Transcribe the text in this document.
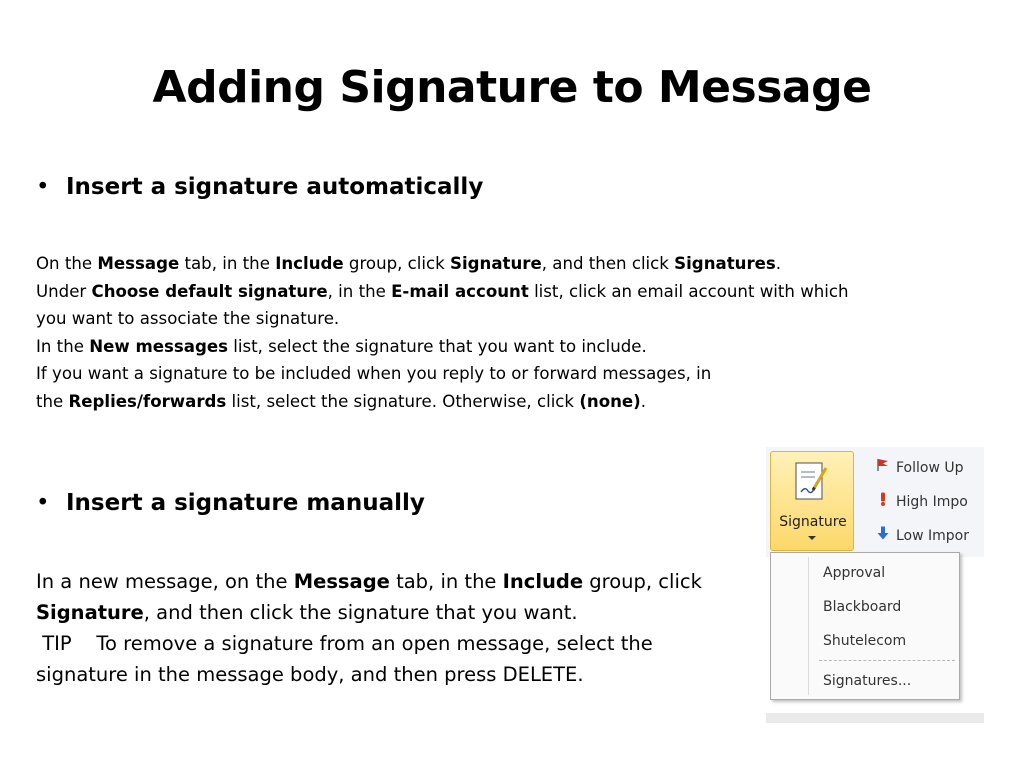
Adding Signature to Message
• Insert a signature automatically
On the Message tab, in the Include group, click Signature, and then click Signatures.
Under Choose default signature, in the E-mail account list, click an email account with which
you want to associate the signature.
In the New messages list, select the signature that you want to include.
If you want a signature to be included when you reply to or forward messages, in
the Replies/forwards list, select the signature. Otherwise, click (none).
• Insert a signature manually
In a new message, on the Message tab, in the Include group, click
Signature, and then click the signature that you want.
TIP    To remove a signature from an open message, select the
signature in the message body, and then press DELETE.
Signature
Follow Up
High Impo
Low Impor
Approval
Blackboard
Shutelecom
Signatures...
